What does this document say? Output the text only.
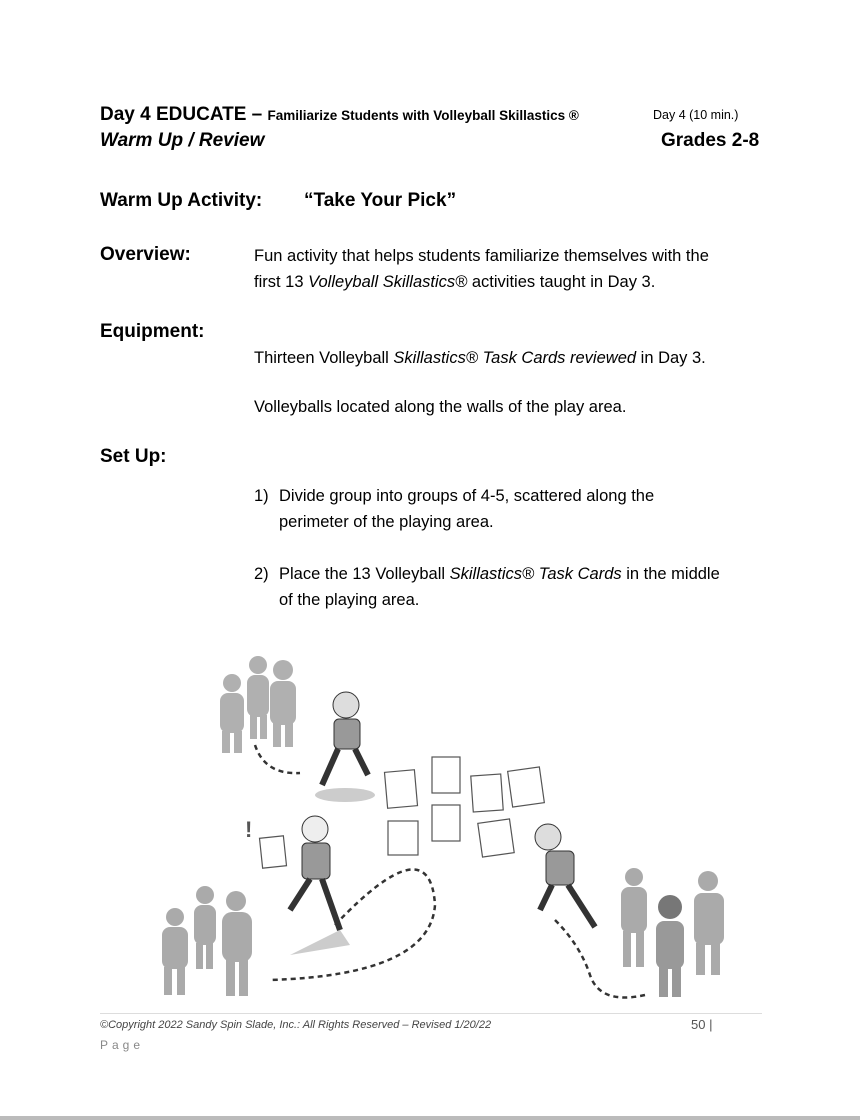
Day 4 EDUCATE – Familiarize Students with Volleyball Skillastics ®	Day 4 (10 min.)
Warm Up / Review	Grades 2-8
Warm Up Activity: “Take Your Pick”
Overview:	Fun activity that helps students familiarize themselves with the
first 13 Volleyball Skillastics® activities taught in Day 3.
Equipment:
Thirteen Volleyball Skillastics® Task Cards reviewed in Day 3.
Volleyballs located along the walls of the play area.
Set Up:
1) Divide group into groups of 4-5, scattered along the
perimeter of the playing area.
2) Place the 13 Volleyball Skillastics® Task Cards in the middle
of the playing area.
!
©Copyright 2022 Sandy Spin Slade, Inc.: All Rights Reserved – Revised 1/20/22	50 |
Page
